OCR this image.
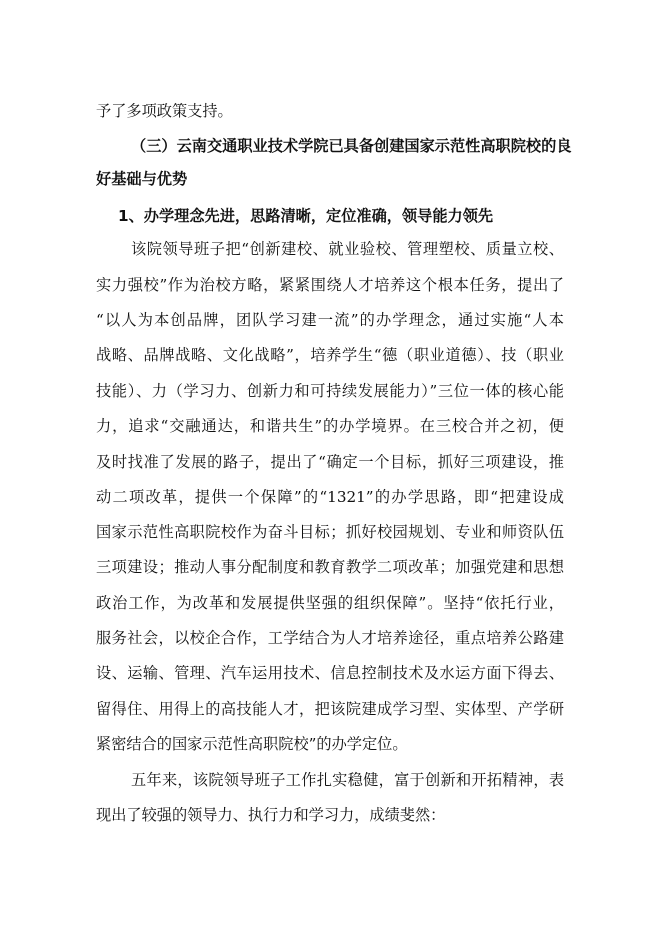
予了多项政策支持。
（三）云南交通职业技术学院已具备创建国家示范性高职院校的良
好基础与优势
1、办学理念先进，思路清晰，定位准确，领导能力领先
该院领导班子把“创新建校、就业验校、管理塑校、质量立校、
实力强校”作为治校方略，紧紧围绕人才培养这个根本任务，提出了
“以人为本创品牌，团队学习建一流”的办学理念，通过实施“人本
战略、品牌战略、文化战略”，培养学生“德（职业道德）、技（职业
技能）、力（学习力、创新力和可持续发展能力）”三位一体的核心能
力，追求“交融通达，和谐共生”的办学境界。在三校合并之初，便
及时找准了发展的路子，提出了“确定一个目标，抓好三项建设，推
动二项改革，提供一个保障”的“1321”的办学思路，即“把建设成
国家示范性高职院校作为奋斗目标；抓好校园规划、专业和师资队伍
三项建设；推动人事分配制度和教育教学二项改革；加强党建和思想
政治工作，为改革和发展提供坚强的组织保障”。坚持“依托行业，
服务社会，以校企合作，工学结合为人才培养途径，重点培养公路建
设、运输、管理、汽车运用技术、信息控制技术及水运方面下得去、
留得住、用得上的高技能人才，把该院建成学习型、实体型、产学研
紧密结合的国家示范性高职院校”的办学定位。
五年来，该院领导班子工作扎实稳健，富于创新和开拓精神，表
现出了较强的领导力、执行力和学习力，成绩斐然：
